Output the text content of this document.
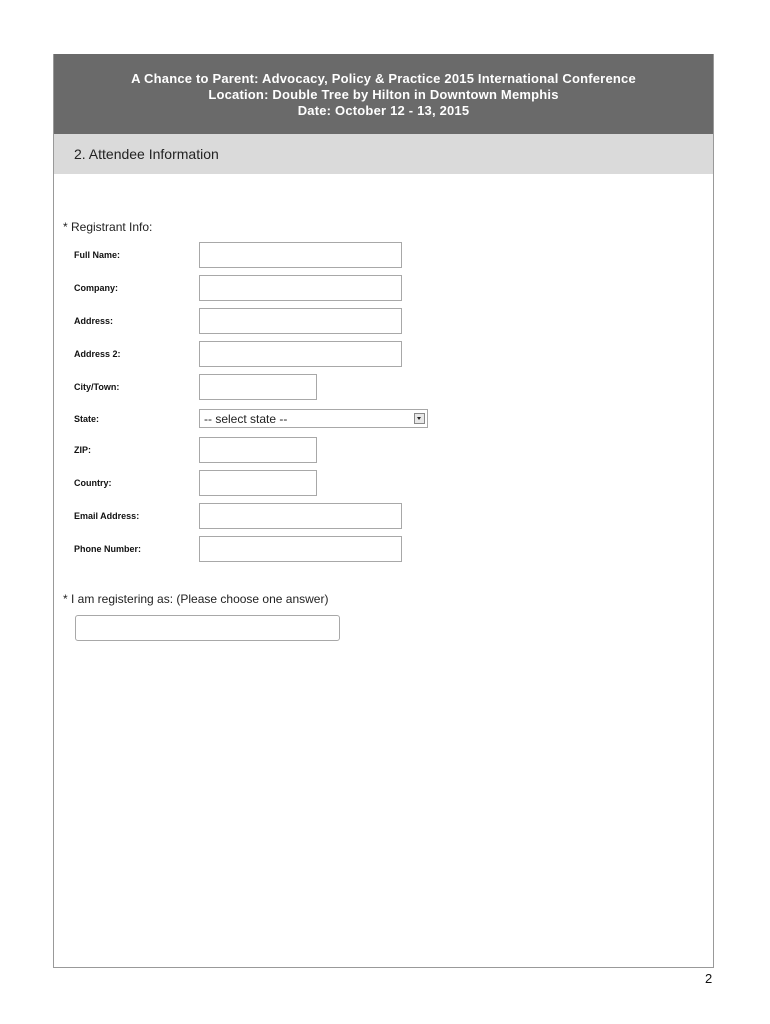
A Chance to Parent: Advocacy, Policy & Practice 2015 International Conference
Location: Double Tree by Hilton in Downtown Memphis
Date: October 12 - 13, 2015
2. Attendee Information
* Registrant Info:
Full Name:
Company:
Address:
Address 2:
City/Town:
State:	-- select state --
ZIP:
Country:
Email Address:
Phone Number:
* I am registering as: (Please choose one answer)
2
